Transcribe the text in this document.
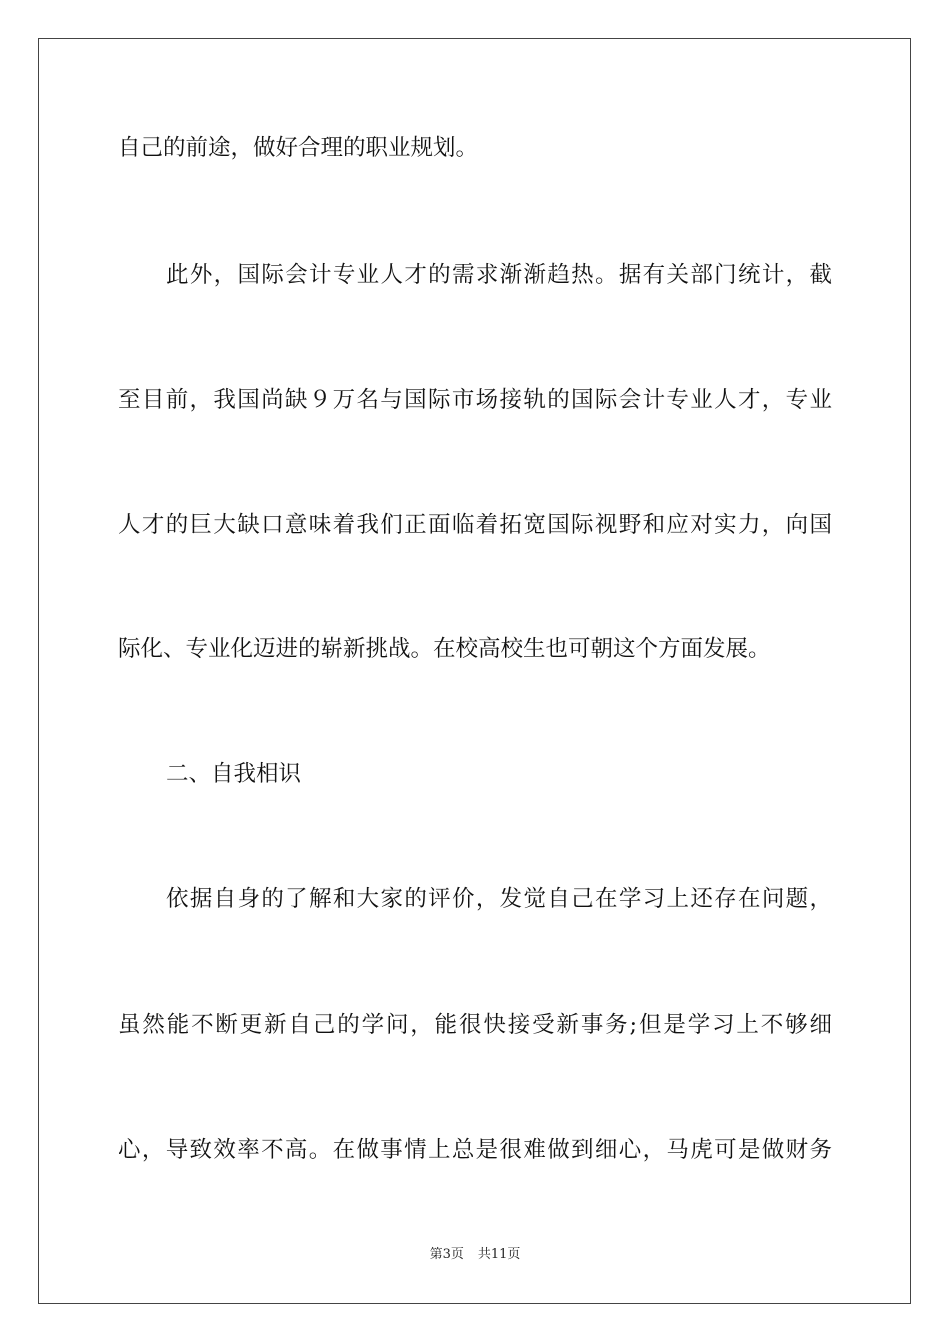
自己的前途，做好合理的职业规划。
此外，国际会计专业人才的需求渐渐趋热。据有关部门统计，截
至目前，我国尚缺９万名与国际市场接轨的国际会计专业人才，专业
人才的巨大缺口意味着我们正面临着拓宽国际视野和应对实力，向国
际化、专业化迈进的崭新挑战。在校高校生也可朝这个方面发展。
二、自我相识
依据自身的了解和大家的评价，发觉自己在学习上还存在问题，
虽然能不断更新自己的学问，能很快接受新事务;但是学习上不够细
心，导致效率不高。在做事情上总是很难做到细心，马虎可是做财务
第3页 共11页
